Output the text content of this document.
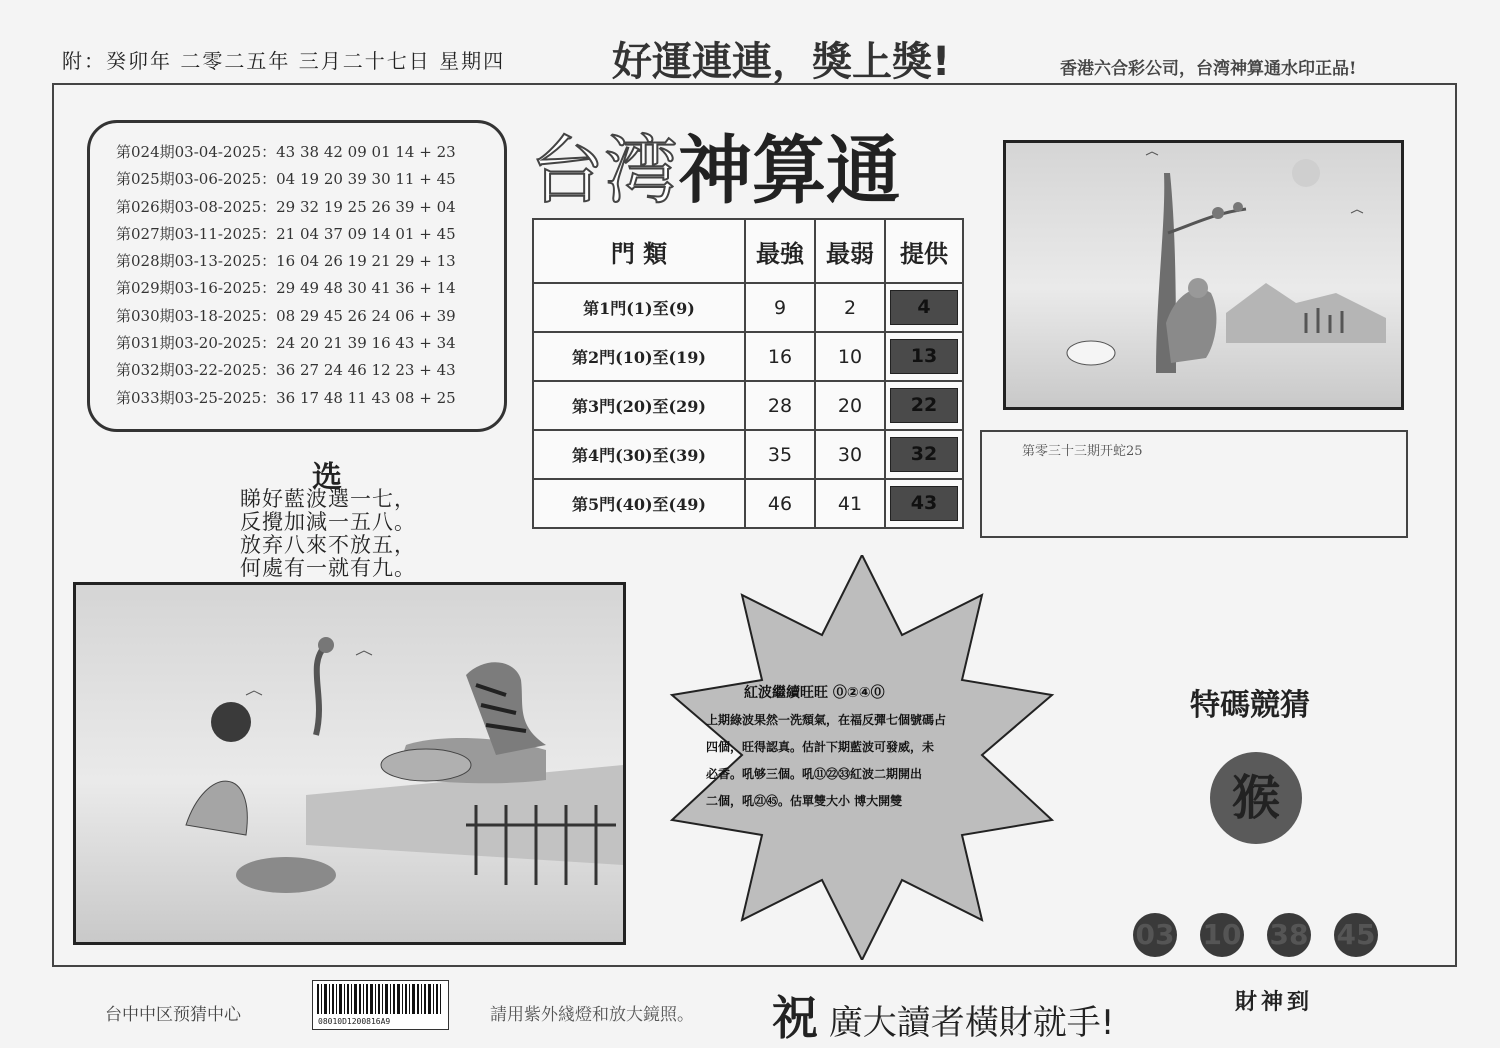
附：癸卯年 二零二五年 三月二十七日 星期四	好運連連，獎上獎!	香港六合彩公司，台湾神算通水印正品!
第024期03-04-2025：43 38 42 09 01 14 + 23
第025期03-06-2025：04 19 20 39 30 11 + 45
第026期03-08-2025：29 32 19 25 26 39 + 04
第027期03-11-2025：21 04 37 09 14 01 + 45
第028期03-13-2025：16 04 26 19 21 29 + 13
第029期03-16-2025：29 49 48 30 41 36 + 14
第030期03-18-2025：08 29 45 26 24 06 + 39
第031期03-20-2025：24 20 21 39 16 43 + 34
第032期03-22-2025：36 27 24 46 12 23 + 43
第033期03-25-2025：36 17 48 11 43 08 + 25
台湾神算通
門 類	最強	最弱	提供
第1門(1)至(9)	9	2	4

第2門(10)至(19)	16	10	13

第3門(20)至(29)	28	20	22

第4門(30)至(39)	35	30	32

第5門(40)至(49)	46	41	43
第零三十三期开蛇25
选
睇好藍波選一七，
反攪加減一五八。
放弃八來不放五，
何處有一就有九。
紅波繼續旺旺 ⓪②④⓪
上期綠波果然一洗頹氣，在福反彈七個號碼占
四個，旺得認真。估計下期藍波可發威，未
必香。吼够三個。吼⑪㉒㉝紅波二期開出
二個，吼㉑㊺。估單雙大小 博大開雙
特碼競猜
猴
03 10 38 45
台中中区预猜中心	08010D1200816A9	請用紫外綫燈和放大鏡照。 祝 廣大讀者橫財就手!
財神到
